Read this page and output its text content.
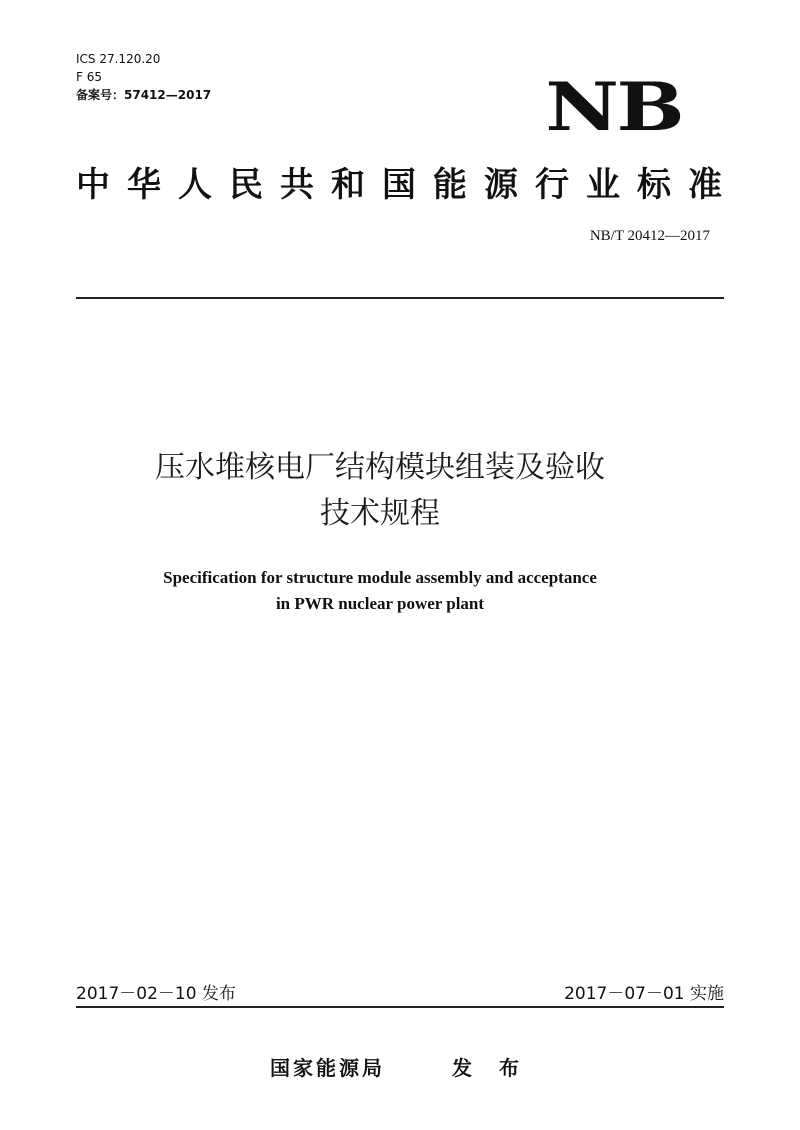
ICS 27.120.20
F 65
备案号：57412—2017	NB
中华人民共和国能源行业标准
NB/T 20412—2017
压水堆核电厂结构模块组装及验收
技术规程
Specification for structure module assembly and acceptance
in PWR nuclear power plant
2017－02－10 发布	2017－07－01 实施
国家能源局	发 布
